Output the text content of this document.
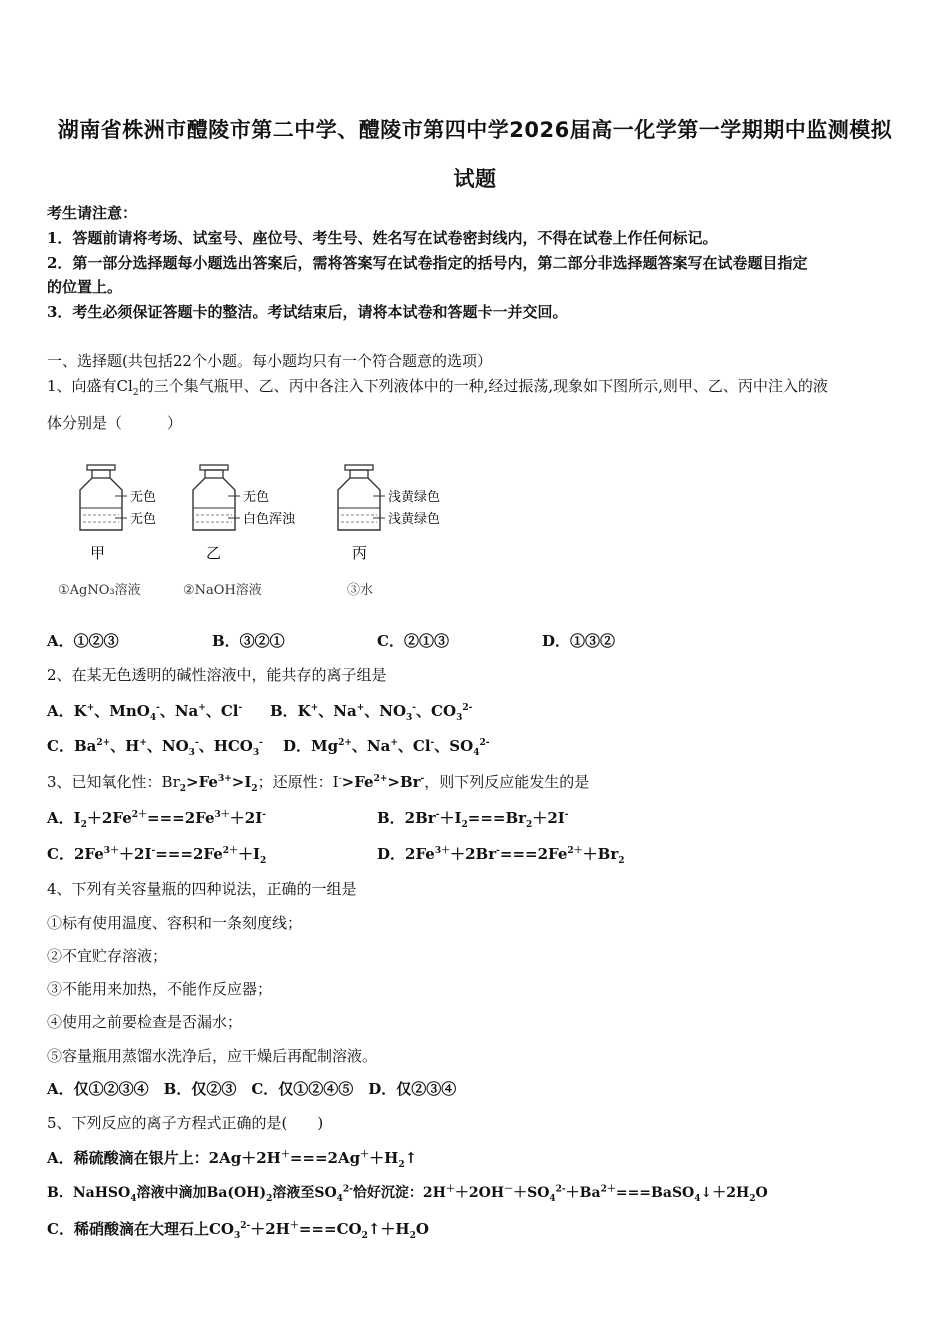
湖南省株洲市醴陵市第二中学、醴陵市第四中学2026届高一化学第一学期期中监测模拟
试题
考生请注意：
1．答题前请将考场、试室号、座位号、考生号、姓名写在试卷密封线内，不得在试卷上作任何标记。
2．第一部分选择题每小题选出答案后，需将答案写在试卷指定的括号内，第二部分非选择题答案写在试卷题目指定
的位置上。
3．考生必须保证答题卡的整洁。考试结束后，请将本试卷和答题卡一并交回。
一、选择题(共包括22个小题。每小题均只有一个符合题意的选项）
1、向盛有$Cl_2$的三个集气瓶甲、乙、丙中各注入下列液体中的一种,经过振荡,现象如下图所示,则甲、乙、丙中注入的液
体分别是（　　　）
无色
无色
甲
①AgNO₃溶液
无色
白色浑浊
乙
②NaOH溶液
浅黄绿色
浅黄绿色
丙
③水
A．①②③	B．③②①	C．②①③	D．①③②
2、在某无色透明的碱性溶液中，能共存的离子组是
A．K+、MnO$_4$-、Na+、Cl- B．K+、Na+、$NO_3^-$、$CO_3^{2-}$
C．$Ba^{2+}$、H+、$NO_3^-$、$HCO_3^-$ D．$Mg^{2+}$、Na+、Cl-、$SO_4^{2-}$
3、已知氧化性：$Br_2>Fe^{3+}>I_2$；还原性：$I^->Fe^{2+}>Br^-$，则下列反应能发生的是
A．$I_2+2Fe^{2+}===2Fe^{3+}+2I^-$	B．$2Br^-+I_2===Br_2+2I^-$
C．$2Fe^{3+}+2I^-===2Fe^{2+}+I_2$	D．$2Fe^{3+}+2Br^-===2Fe^{2+}+Br_2$
4、下列有关容量瓶的四种说法，正确的一组是
①标有使用温度、容积和一条刻度线；
②不宜贮存溶液；
③不能用来加热，不能作反应器；
④使用之前要检查是否漏水；
⑤容量瓶用蒸馏水洗净后，应干燥后再配制溶液。
A．仅①②③④　B．仅②③　C．仅①②④⑤　D．仅②③④
5、下列反应的离子方程式正确的是(　　)
A．稀硫酸滴在银片上：$2Ag+2H^+===2Ag^++H_2↑$
B．NaHSO$_4$溶液中滴加$Ba(OH)_2$溶液至$SO_4^{2-}$恰好沉淀：$2H^++2OH^-+SO_4^{2-}+Ba^{2+}===BaSO_4↓+2H_2O$
C．稀硝酸滴在大理石上$CO_3^{2-}+2H^+===CO_2↑+H_2O$
